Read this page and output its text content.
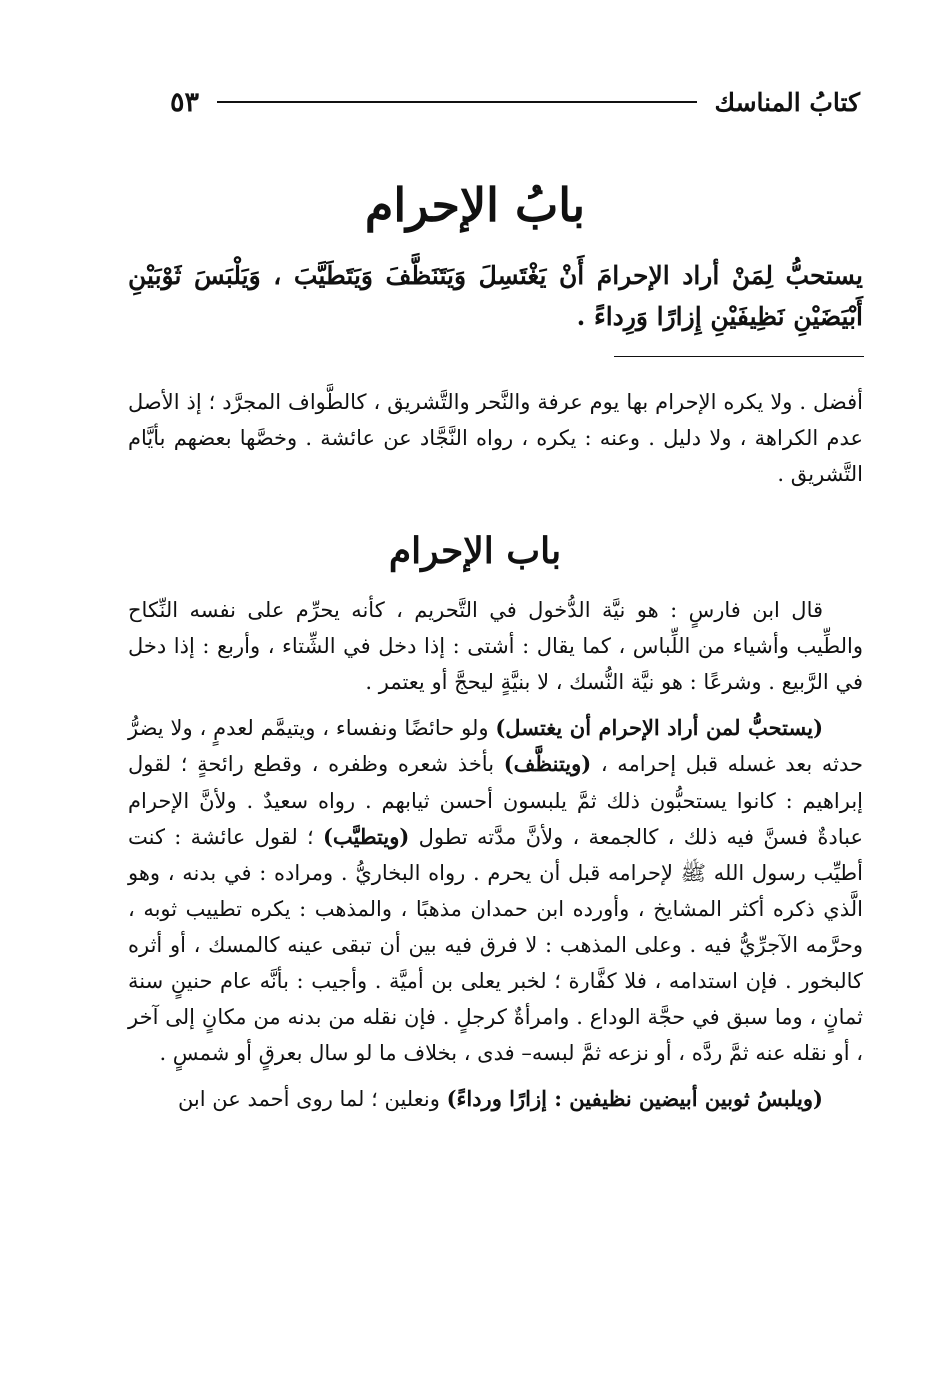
كتابُ المناسك
٥٣
بابُ الإحرام
يستحبُّ لِمَنْ أراد الإحرامَ أَنْ يَغْتَسِلَ وَيَتَنَظَّفَ وَيَتَطَيَّبَ ، وَيَلْبَسَ ثَوْبَيْنِ أَبْيَضَيْنِ نَظِيفَيْنِ إِزارًا وَرِداءً .

أفضل . ولا يكره الإحرام بها يوم عرفة والنَّحر والتَّشريق ، كالطَّواف المجرَّد ؛ إذ الأصل عدم الكراهة ، ولا دليل . وعنه : يكره ، رواه النَّجَّاد عن عائشة . وخصَّها بعضهم بأيَّام التَّشريق .

باب الإحرام

قال ابن فارسٍ : هو نيَّة الدُّخول في التَّحريم ، كأنه يحرِّم على نفسه النِّكاح والطِّيب وأشياء من اللِّباس ، كما يقال : أشتى : إذا دخل في الشِّتاء ، وأربع : إذا دخل في الرَّبيع . وشرعًا : هو نيَّة النُّسك ، لا بنيَّةٍ ليحجَّ أو يعتمر .

(يستحبُّ لمن أراد الإحرام أن يغتسل) ولو حائضًا ونفساء ، ويتيمَّم لعدمٍ ، ولا يضرُّ حدثه بعد غسله قبل إحرامه ، (ويتنظَّف) بأخذ شعره وظفره ، وقطع رائحةٍ ؛ لقول إبراهيم : كانوا يستحبُّون ذلك ثمَّ يلبسون أحسن ثيابهم . رواه سعيدٌ . ولأنَّ الإحرام عبادةٌ فسنَّ فيه ذلك ، كالجمعة ، ولأنَّ مدَّته تطول (ويتطيَّب) ؛ لقول عائشة : كنت أطيِّب رسول الله ﷺ لإحرامه قبل أن يحرم . رواه البخاريُّ . ومراده : في بدنه ، وهو الَّذي ذكره أكثر المشايخ ، وأورده ابن حمدان مذهبًا ، والمذهب : يكره تطييب ثوبه ، وحرَّمه الآجرِّيُّ فيه . وعلى المذهب : لا فرق فيه بين أن تبقى عينه كالمسك ، أو أثره كالبخور . فإن استدامه ، فلا كفَّارة ؛ لخبر يعلى بن أميَّة . وأجيب : بأنَّه عام حنينٍ سنة ثمانٍ ، وما سبق في حجَّة الوداع . وامرأةٌ كرجلٍ . فإن نقله من بدنه من مكانٍ إلى آخر ، أو نقله عنه ثمَّ ردَّه ، أو نزعه ثمَّ لبسه– فدى ، بخلاف ما لو سال بعرقٍ أو شمسٍ .

(ويلبسُ ثوبين أبيضين نظيفين : إزارًا ورداءً) ونعلين ؛ لما روى أحمد عن ابن
